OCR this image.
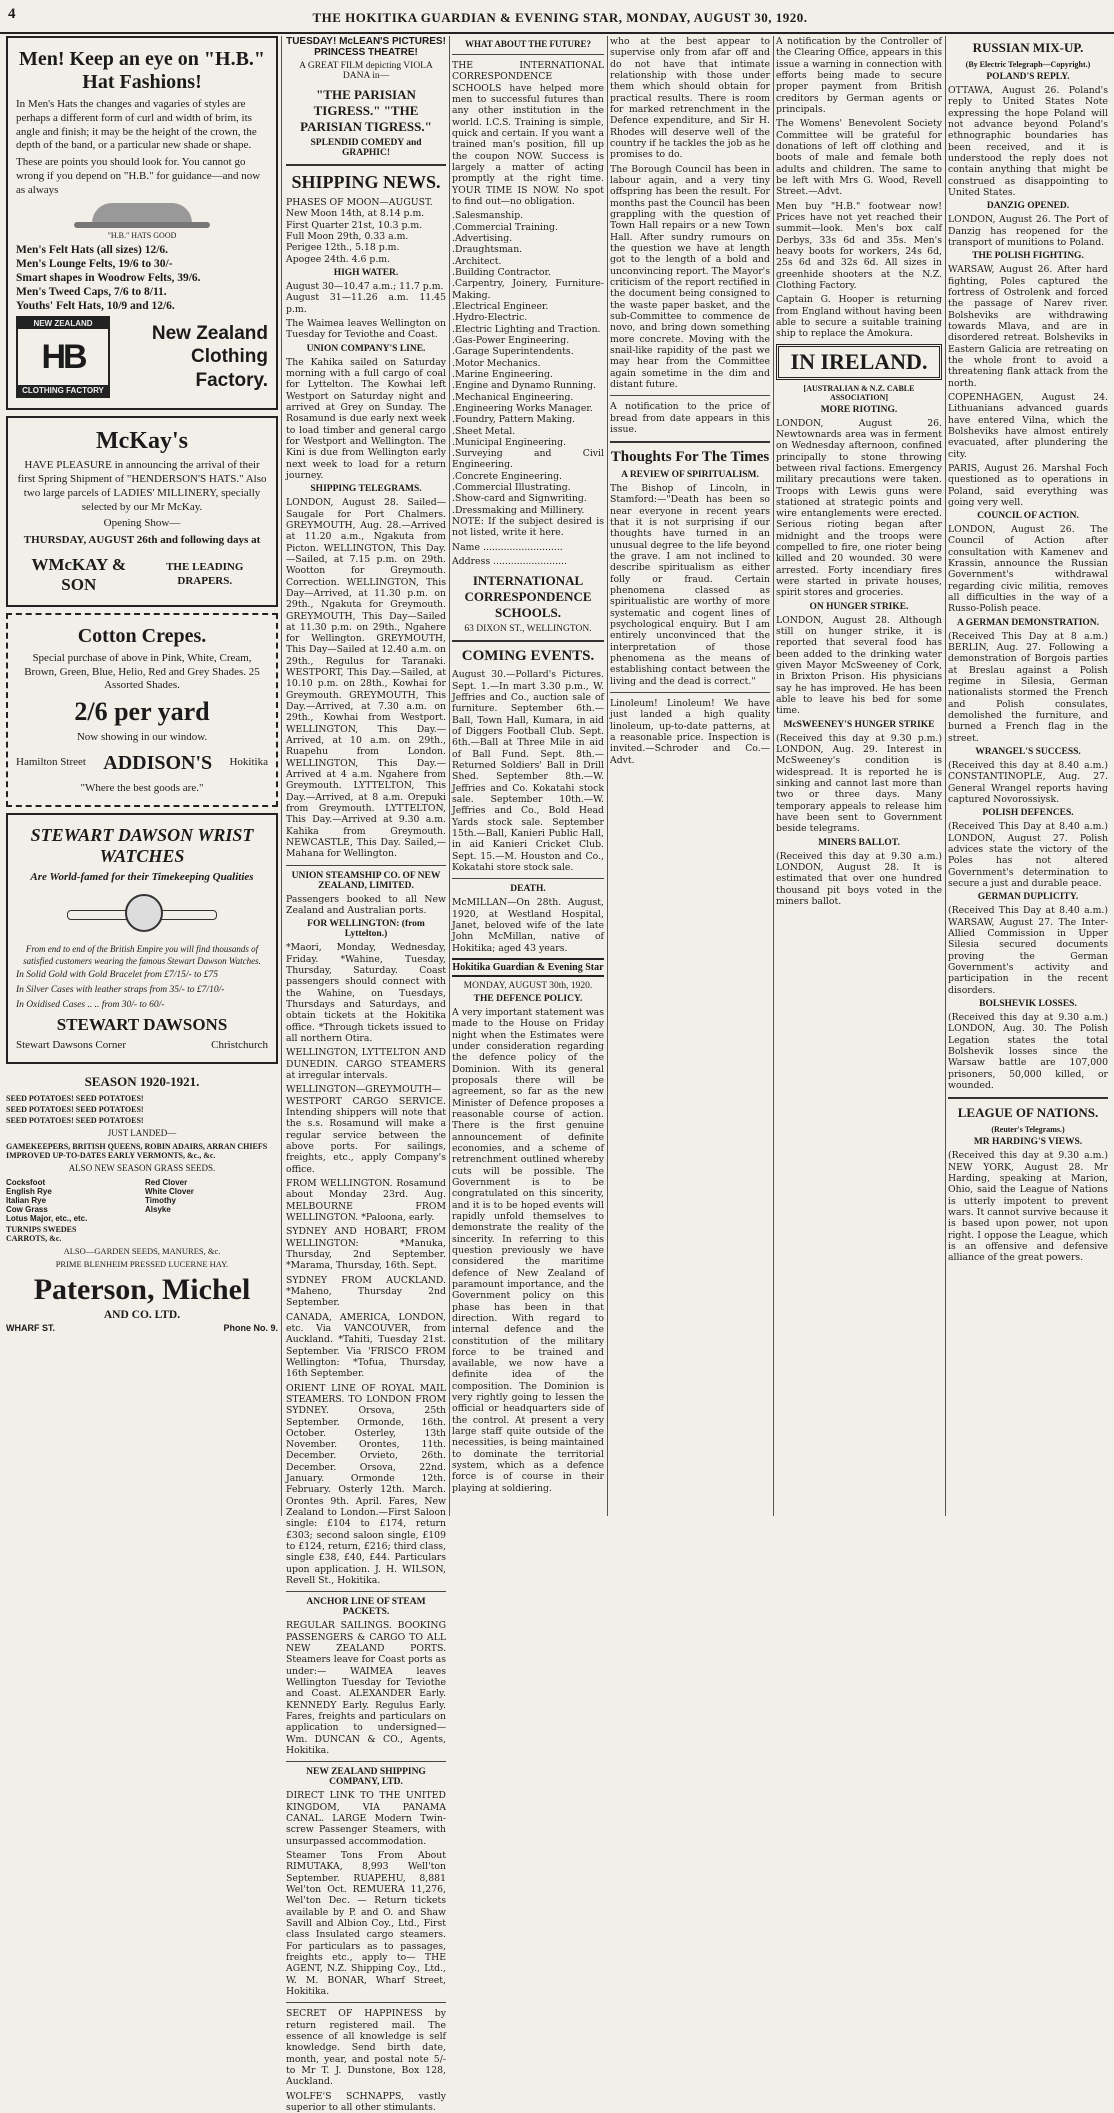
4	THE HOKITIKA GUARDIAN & EVENING STAR, MONDAY, AUGUST 30, 1920.
Men! Keep an eye on "H.B." Hat Fashions!

In Men's Hats the changes and vagaries of styles are perhaps a different form of curl and width of brim, its angle and finish; it may be the height of the crown, the depth of the band, or a particular new shade or shape.

These are points you should look for. You cannot go wrong if you depend on "H.B." for guidance—and now as always

"H.B." HATS GOOD
Men's Felt Hats (all sizes) 12/6.
Men's Lounge Felts, 19/6 to 30/-
Smart shapes in Woodrow Felts, 39/6.
Men's Tweed Caps, 7/6 to 8/11.
Youths' Felt Hats, 10/9 and 12/6.
NEW ZEALAND
HB
CLOTHING FACTORY
New Zealand Clothing Factory.
McKay's

HAVE PLEASURE in announcing the arrival of their first Spring Shipment of "HENDERSON'S HATS." Also two large parcels of LADIES' MILLINERY, specially selected by our Mr McKay.

Opening Show—
THURSDAY, AUGUST 26th and following days at
WMcKAY & SON
THE LEADING DRAPERS.
Cotton Crepes.

Special purchase of above in Pink, White, Cream, Brown, Green, Blue, Helio, Red and Grey Shades. 25 Assorted Shades.

2/6 per yard
Now showing in our window.
Hamilton Street ADDISON'S Hokitika
"Where the best goods are."
STEWART DAWSON WRIST WATCHES
Are World-famed for their Timekeeping Qualities

From end to end of the British Empire you will find thousands of satisfied customers wearing the famous Stewart Dawson Watches.

In Solid Gold with Gold Bracelet from £7/15/- to £75
In Silver Cases with leather straps from 35/- to £7/10/-
In Oxidised Cases .. .. from 30/- to 60/-
STEWART DAWSONS
Stewart Dawsons Corner	Christchurch
SEASON 1920-1921.
SEED POTATOES! SEED POTATOES!
SEED POTATOES! SEED POTATOES!
SEED POTATOES! SEED POTATOES!
JUST LANDED—
GAMEKEEPERS, BRITISH QUEENS, ROBIN ADAIRS, ARRAN CHIEFS IMPROVED UP-TO-DATES EARLY VERMONTS, &c., &c.
ALSO NEW SEASON GRASS SEEDS.
Cocksfoot
English Rye
Italian Rye
Cow Grass
Lotus Major, etc., etc.
Red Clover
White Clover
Timothy
Alsyke
TURNIPS SWEDES
CARROTS, &c.
ALSO—GARDEN SEEDS, MANURES, &c.
PRIME BLENHEIM PRESSED LUCERNE HAY.
Paterson, Michel
AND CO. LTD.
WHARF ST.	Phone No. 9.
TUESDAY! McLEAN'S PICTURES! PRINCESS THEATRE!
A GREAT FILM depicting VIOLA DANA in—
"THE PARISIAN TIGRESS." "THE PARISIAN TIGRESS."
SPLENDID COMEDY and GRAPHIC!
SHIPPING NEWS.

PHASES OF MOON—AUGUST.
New Moon 14th, at 8.14 p.m.
First Quarter 21st, 10.3 p.m.
Full Moon 29th, 0.33 a.m.
Perigee 12th., 5.18 p.m.
Apogee 24th. 4.6 p.m.

HIGH WATER.

August 30—10.47 a.m.; 11.7 p.m.
August 31—11.26 a.m. 11.45 p.m.

The Waimea leaves Wellington on Tuesday for Teviothe and Coast.

UNION COMPANY'S LINE.

The Kahika sailed on Saturday morning with a full cargo of coal for Lyttelton. The Kowhai left Westport on Saturday night and arrived at Grey on Sunday. The Rosamund is due early next week to load timber and general cargo for Westport and Wellington. The Kini is due from Wellington early next week to load for a return journey.

SHIPPING TELEGRAMS.

LONDON, August 28. Sailed—Saugale for Port Chalmers. GREYMOUTH, Aug. 28.—Arrived at 11.20 a.m., Ngakuta from Picton. WELLINGTON, This Day.—Sailed, at 7.15 p.m. on 29th. Wootton for Greymouth. Correction. WELLINGTON, This Day—Arrived, at 11.30 p.m. on 29th., Ngakuta for Greymouth. GREYMOUTH, This Day—Sailed at 11.30 p.m. on 29th., Ngahere for Wellington. GREYMOUTH, This Day—Sailed at 12.40 a.m. on 29th., Regulus for Taranaki. WESTPORT, This Day.—Sailed, at 10.10 p.m. on 28th., Kowhai for Greymouth. GREYMOUTH, This Day.—Arrived, at 7.30 a.m. on 29th., Kowhai from Westport. WELLINGTON, This Day.—Arrived, at 10 a.m. on 29th., Ruapehu from London. WELLINGTON, This Day.—Arrived at 4 a.m. Ngahere from Greymouth. LYTTELTON, This Day.—Arrived, at 8 a.m. Orepuki from Greymouth. LYTTELTON, This Day.—Arrived at 9.30 a.m. Kahika from Greymouth. NEWCASTLE, This Day. Sailed,—Mahana for Wellington.

UNION STEAMSHIP CO. OF NEW ZEALAND, LIMITED.

Passengers booked to all New Zealand and Australian ports.

FOR WELLINGTON: (from Lyttelton.)

*Maori, Monday, Wednesday, Friday. *Wahine, Tuesday, Thursday, Saturday. Coast passengers should connect with the Wahine, on Tuesdays, Thursdays and Saturdays, and obtain tickets at the Hokitika office. *Through tickets issued to all northern Otira.

WELLINGTON, LYTTELTON AND DUNEDIN. CARGO STEAMERS at irregular intervals.

WELLINGTON—GREYMOUTH—WESTPORT CARGO SERVICE. Intending shippers will note that the s.s. Rosamund will make a regular service between the above ports. For sailings, freights, etc., apply Company's office.

FROM WELLINGTON. Rosamund about Monday 23rd. Aug. MELBOURNE FROM WELLINGTON. *Paloona, early.

SYDNEY AND HOBART, FROM WELLINGTON: *Manuka, Thursday, 2nd September. *Marama, Thursday, 16th. Sept.

SYDNEY FROM AUCKLAND. *Maheno, Thursday 2nd September.

CANADA, AMERICA, LONDON, etc. Via VANCOUVER, from Auckland. *Tahiti, Tuesday 21st. September. Via 'FRISCO FROM Wellington: *Tofua, Thursday, 16th September.

ORIENT LINE OF ROYAL MAIL STEAMERS. TO LONDON FROM SYDNEY. Orsova, 25th September. Ormonde, 16th. October. Osterley, 13th November. Orontes, 11th. December. Orvieto, 26th. December. Orsova, 22nd. January. Ormonde 12th. February. Osterly 12th. March. Orontes 9th. April. Fares, New Zealand to London.—First Saloon single: £104 to £174, return £303; second saloon single, £109 to £124, return, £216; third class, single £38, £40, £44. Particulars upon application. J. H. WILSON, Revell St., Hokitika.

ANCHOR LINE OF STEAM PACKETS.

REGULAR SAILINGS. BOOKING PASSENGERS & CARGO TO ALL NEW ZEALAND PORTS. Steamers leave for Coast ports as under:— WAIMEA leaves Wellington Tuesday for Teviothe and Coast. ALEXANDER Early. KENNEDY Early. Regulus Early. Fares, freights and particulars on application to undersigned— Wm. DUNCAN & CO., Agents, Hokitika.

NEW ZEALAND SHIPPING COMPANY, LTD.

DIRECT LINK TO THE UNITED KINGDOM, VIA PANAMA CANAL. LARGE Modern Twin-screw Passenger Steamers, with unsurpassed accommodation.

Steamer Tons From About RIMUTAKA, 8,993 Well'ton September. RUAPEHU, 8,881 Wel'ton Oct. REMUERA 11,276, Wel'ton Dec. — Return tickets available by P. and O. and Shaw Savill and Albion Coy., Ltd., First class Insulated cargo steamers. For particulars as to passages, freights etc., apply to— THE AGENT, N.Z. Shipping Coy., Ltd., W. M. BONAR, Wharf Street, Hokitika.

SECRET OF HAPPINESS by return registered mail. The essence of all knowledge is self knowledge. Send birth date, month, year, and postal note 5/- to Mr T. J. Dunstone, Box 128, Auckland.

WOLFE'S SCHNAPPS, vastly superior to all other stimulants.

WHAT ABOUT THE FUTURE?

THE INTERNATIONAL CORRESPONDENCE SCHOOLS have helped more men to successful futures than any other institution in the world. I.C.S. Training is simple, quick and certain. If you want a trained man's position, fill up the coupon NOW. Success is largely a matter of acting promptly at the right time. YOUR TIME IS NOW. No spot to find out—no obligation.

.Salesmanship.
.Commercial Training.
.Advertising.
.Draughtsman.
.Architect.
.Building Contractor.
.Carpentry, Joinery, Furniture-Making.
.Electrical Engineer.
.Hydro-Electric.
.Electric Lighting and Traction.
.Gas-Power Engineering.
.Garage Superintendents.
.Motor Mechanics.
.Marine Engineering.
.Engine and Dynamo Running.
.Mechanical Engineering.
.Engineering Works Manager.
.Foundry, Pattern Making.
.Sheet Metal.
.Municipal Engineering.
.Surveying and Civil Engineering.
.Concrete Engineering.
.Commercial Illustrating.
.Show-card and Signwriting.
.Dressmaking and Millinery.

NOTE: If the subject desired is not listed, write it here.

Name ...........................

Address .........................

INTERNATIONAL CORRESPONDENCE SCHOOLS.
63 DIXON ST., WELLINGTON.
COMING EVENTS.

August 30.—Pollard's Pictures. Sept. 1.—In mart 3.30 p.m., W. Jeffries and Co., auction sale of furniture. September 6th.—Ball, Town Hall, Kumara, in aid of Diggers Football Club. Sept. 6th.—Ball at Three Mile in aid of Ball Fund. Sept. 8th.—Returned Soldiers' Ball in Drill Shed. September 8th.—W. Jeffries and Co. Kokatahi stock sale. September 10th.—W. Jeffries and Co., Bold Head Yards stock sale. September 15th.—Ball, Kanieri Public Hall, in aid Kanieri Cricket Club. Sept. 15.—M. Houston and Co., Kokatahi store stock sale.

DEATH.

McMILLAN—On 28th. August, 1920, at Westland Hospital, Janet, beloved wife of the late John McMillan, native of Hokitika; aged 43 years.

Hokitika Guardian & Evening Star
MONDAY, AUGUST 30th, 1920.
THE DEFENCE POLICY.

A very important statement was made to the House on Friday night when the Estimates were under consideration regarding the defence policy of the Dominion. With its general proposals there will be agreement, so far as the new Minister of Defence proposes a reasonable course of action. There is the first genuine announcement of definite economies, and a scheme of retrenchment outlined whereby cuts will be possible. The Government is to be congratulated on this sincerity, and it is to be hoped events will rapidly unfold themselves to demonstrate the reality of the sincerity. In referring to this question previously we have considered the maritime defence of New Zealand of paramount importance, and the Government policy on this phase has been in that direction. With regard to internal defence and the constitution of the military force to be trained and available, we now have a definite idea of the composition. The Dominion is very rightly going to lessen the official or headquarters side of the control. At present a very large staff quite outside of the necessities, is being maintained to dominate the territorial system, which as a defence force is of course in their playing at soldiering.

who at the best appear to supervise only from afar off and do not have that intimate relationship with those under them which should obtain for practical results. There is room for marked retrenchment in the Defence expenditure, and Sir H. Rhodes will deserve well of the country if he tackles the job as he promises to do.

The Borough Council has been in labour again, and a very tiny offspring has been the result. For months past the Council has been grappling with the question of Town Hall repairs or a new Town Hall. After sundry rumours on the question we have at length got to the length of a bold and unconvincing report. The Mayor's criticism of the report rectified in the document being consigned to the waste paper basket, and the sub-Committee to commence de novo, and bring down something more concrete. Moving with the snail-like rapidity of the past we may hear from the Committee again sometime in the dim and distant future.

A notification to the price of bread from date appears in this issue.

Thoughts For The Times
A REVIEW OF SPIRITUALISM.

The Bishop of Lincoln, in Stamford:—"Death has been so near everyone in recent years that it is not surprising if our thoughts have turned in an unusual degree to the life beyond the grave. I am not inclined to describe spiritualism as either folly or fraud. Certain phenomena classed as spiritualistic are worthy of more systematic and cogent lines of psychological enquiry. But I am entirely unconvinced that the interpretation of those phenomena as the means of establishing contact between the living and the dead is correct."

Linoleum! Linoleum! We have just landed a high quality linoleum, up-to-date patterns, at a reasonable price. Inspection is invited.—Schroder and Co.—Advt.

A notification by the Controller of the Clearing Office, appears in this issue a warning in connection with efforts being made to secure proper payment from British creditors by German agents or principals.

The Womens' Benevolent Society Committee will be grateful for donations of left off clothing and boots of male and female both adults and children. The same to be left with Mrs G. Wood, Revell Street.—Advt.

Men buy "H.B." footwear now! Prices have not yet reached their summit—look. Men's box calf Derbys, 33s 6d and 35s. Men's heavy boots for workers, 24s 6d, 25s 6d and 32s 6d. All sizes in greenhide shooters at the N.Z. Clothing Factory.

Captain G. Hooper is returning from England without having been able to secure a suitable training ship to replace the Amokura.

IN IRELAND.
[AUSTRALIAN & N.Z. CABLE ASSOCIATION]
MORE RIOTING.

LONDON, August 26. Newtownards area was in ferment on Wednesday afternoon, confined principally to stone throwing between rival factions. Emergency military precautions were taken. Troops with Lewis guns were stationed at strategic points and wire entanglements were erected. Serious rioting began after midnight and the troops were compelled to fire, one rioter being killed and 20 wounded. 30 were arrested. Forty incendiary fires were started in private houses, spirit stores and groceries.

ON HUNGER STRIKE.

LONDON, August 28. Although still on hunger strike, it is reported that several food has been added to the drinking water given Mayor McSweeney of Cork, in Brixton Prison. His physicians say he has improved. He has been able to leave his bed for some time.

McSWEENEY'S HUNGER STRIKE

(Received this day at 9.30 p.m.) LONDON, Aug. 29. Interest in McSweeney's condition is widespread. It is reported he is sinking and cannot last more than two or three days. Many temporary appeals to release him have been sent to Government beside telegrams.

MINERS BALLOT.

(Received this day at 9.30 a.m.) LONDON, August 28. It is estimated that over one hundred thousand pit boys voted in the miners ballot.

RUSSIAN MIX-UP.
(By Electric Telegraph—Copyright.)
POLAND'S REPLY.

OTTAWA, August 26. Poland's reply to United States Note expressing the hope Poland will not advance beyond Poland's ethnographic boundaries has been received, and it is understood the reply does not contain anything that might be construed as disappointing to United States.

DANZIG OPENED.

LONDON, August 26. The Port of Danzig has reopened for the transport of munitions to Poland.

THE POLISH FIGHTING.

WARSAW, August 26. After hard fighting, Poles captured the fortress of Ostrolenk and forced the passage of Narev river. Bolsheviks are withdrawing towards Mlava, and are in disordered retreat. Bolsheviks in Eastern Galicia are retreating on the whole front to avoid a threatening flank attack from the north.

COPENHAGEN, August 24. Lithuanians advanced guards have entered Vilna, which the Bolsheviks have almost entirely evacuated, after plundering the city.

PARIS, August 26. Marshal Foch questioned as to operations in Poland, said everything was going very well.

COUNCIL OF ACTION.

LONDON, August 26. The Council of Action after consultation with Kamenev and Krassin, announce the Russian Government's withdrawal regarding civic militia, removes all difficulties in the way of a Russo-Polish peace.

A GERMAN DEMONSTRATION.

(Received This Day at 8 a.m.) BERLIN, Aug. 27. Following a demonstration of Borgois parties at Breslau against a Polish regime in Silesia, German nationalists stormed the French and Polish consulates, demolished the furniture, and burned a French flag in the street.

WRANGEL'S SUCCESS.

(Received this day at 8.40 a.m.) CONSTANTINOPLE, Aug. 27. General Wrangel reports having captured Novorossiysk.

POLISH DEFENCES.

(Received This Day at 8.40 a.m.) LONDON, August 27. Polish advices state the victory of the Poles has not altered Government's determination to secure a just and durable peace.

GERMAN DUPLICITY.

(Received This Day at 8.40 a.m.) WARSAW, August 27. The Inter-Allied Commission in Upper Silesia secured documents proving the German Government's activity and participation in the recent disorders.

BOLSHEVIK LOSSES.

(Received this day at 9.30 a.m.) LONDON, Aug. 30. The Polish Legation states the total Bolshevik losses since the Warsaw battle are 107,000 prisoners, 50,000 killed, or wounded.

LEAGUE OF NATIONS.
(Reuter's Telegrams.)
MR HARDING'S VIEWS.

(Received this day at 9.30 a.m.) NEW YORK, August 28. Mr Harding, speaking at Marion, Ohio, said the League of Nations is utterly impotent to prevent wars. It cannot survive because it is based upon power, not upon right. I oppose the League, which is an offensive and defensive alliance of the great powers.
